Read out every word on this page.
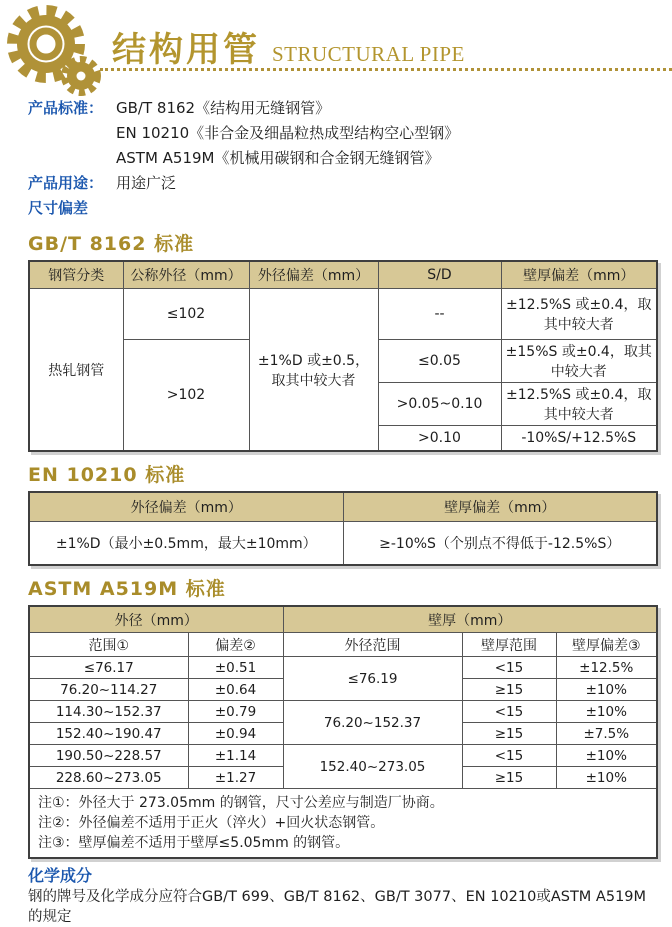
结构用管 STRUCTURAL PIPE
产品标准： GB/T 8162《结构用无缝钢管》
EN 10210《非合金及细晶粒热成型结构空心型钢》
ASTM A519M《机械用碳钢和合金钢无缝钢管》
产品用途： 用途广泛
尺寸偏差
GB/T 8162 标准
钢管分类	公称外径（mm）	外径偏差（mm）	S/D	壁厚偏差（mm）
热轧钢管	≤102	±1%D 或±0.5，取其中较大者	--	±12.5%S 或±0.4，取其中较大者
	>102		≤0.05	±15%S 或±0.4，取其中较大者
			>0.05~0.10	±12.5%S 或±0.4，取其中较大者
			>0.10	-10%S/+12.5%S
EN 10210 标准
外径偏差（mm）	壁厚偏差（mm）
±1%D（最小±0.5mm，最大±10mm）	≥-10%S（个别点不得低于-12.5%S）
ASTM A519M 标准
外径（mm）		壁厚（mm）		
范围①	偏差②	外径范围	壁厚范围	壁厚偏差③
≤76.17	±0.51	≤76.19	<15	±12.5%
76.20~114.27	±0.64		≥15	±10%
114.30~152.37	±0.79	76.20~152.37	<15	±10%
152.40~190.47	±0.94		≥15	±7.5%
190.50~228.57	±1.14	152.40~273.05	<15	±10%
228.60~273.05	±1.27		≥15	±10%

注①：外径大于 273.05mm 的钢管，尺寸公差应与制造厂协商。
注②：外径偏差不适用于正火（淬火）+回火状态钢管。
注③：壁厚偏差不适用于壁厚≤5.05mm 的钢管。				
化学成分
钢的牌号及化学成分应符合GB/T 699、GB/T 8162、GB/T 3077、EN 10210或ASTM A519M的规定
